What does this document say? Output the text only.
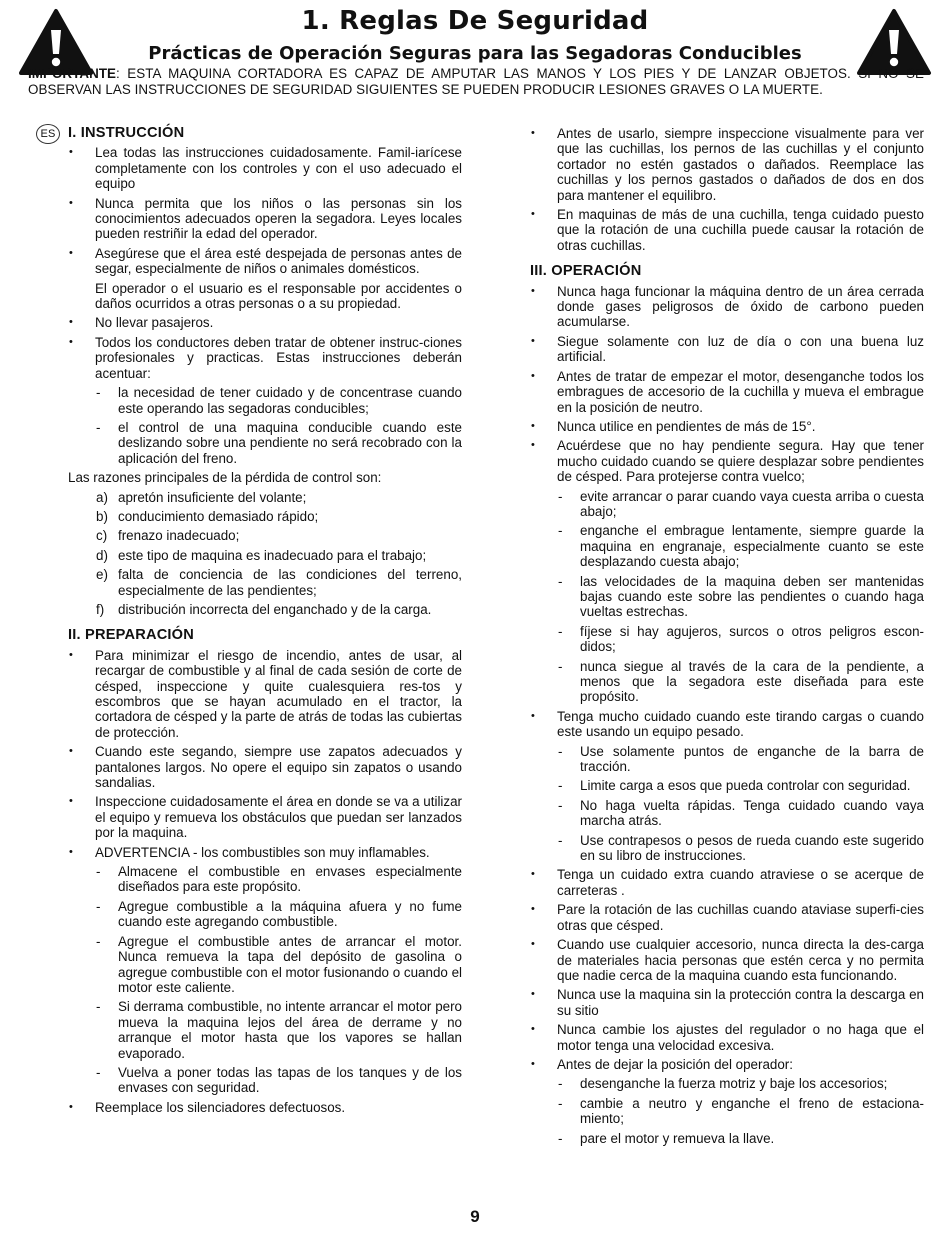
1. Reglas De Seguridad
Prácticas de Operación Seguras para las Segadoras Conducibles

IMPORTANTE: ESTA MAQUINA CORTADORA ES CAPAZ DE AMPUTAR LAS MANOS Y LOS PIES Y DE LANZAR OBJETOS. SI NO SE OBSERVAN LAS INSTRUCCIONES DE SEGURIDAD SIGUIENTES SE PUEDEN PRODUCIR LESIONES GRAVES O LA MUERTE.

ES I. INSTRUCCIÓN
• Lea todas las instrucciones cuidadosamente. Famil-iarícese completamente con los controles y con el uso adecuado el equipo
• Nunca permita que los niños o las personas sin los conocimientos adecuados operen la segadora. Leyes locales pueden restriñir la edad del operador.
• Asegúrese que el área esté despejada de personas antes de segar, especialmente de niños o animales domésticos.
El operador o el usuario es el responsable por accidentes o daños ocurridos a otras personas o a su propiedad.
• No llevar pasajeros.
• Todos los conductores deben tratar de obtener instruc-ciones profesionales y practicas. Estas instrucciones deberán acentuar:
- la necesidad de tener cuidado y de concentrase cuando este operando las segadoras conducibles;
- el control de una maquina conducible cuando este deslizando sobre una pendiente no será recobrado con la aplicación del freno.
Las razones principales de la pérdida de control son:
a) apretón insuficiente del volante;
b) conducimiento demasiado rápido;
c) frenazo inadecuado;
d) este tipo de maquina es inadecuado para el trabajo;
e) falta de conciencia de las condiciones del terreno, especialmente de las pendientes;
f) distribución incorrecta del enganchado y de la carga.
II. PREPARACIÓN
• Para minimizar el riesgo de incendio, antes de usar, al recargar de combustible y al final de cada sesión de corte de césped, inspeccione y quite cualesquiera res-tos y escombros que se hayan acumulado en el tractor, la cortadora de césped y la parte de atrás de todas las cubiertas de protección.
• Cuando este segando, siempre use zapatos adecuados y pantalones largos. No opere el equipo sin zapatos o usando sandalias.
• Inspeccione cuidadosamente el área en donde se va a utilizar el equipo y remueva los obstáculos que puedan ser lanzados por la maquina.
• ADVERTENCIA - los combustibles son muy inflamables.
- Almacene el combustible en envases especialmente diseñados para este propósito.
- Agregue combustible a la máquina afuera y no fume cuando este agregando combustible.
- Agregue el combustible antes de arrancar el motor. Nunca remueva la tapa del depósito de gasolina o agregue combustible con el motor fusionando o cuando el motor este caliente.
- Si derrama combustible, no intente arrancar el motor pero mueva la maquina lejos del área de derrame y no arranque el motor hasta que los vapores se hallan evaporado.
- Vuelva a poner todas las tapas de los tanques y de los envases con seguridad.
• Reemplace los silenciadores defectuosos.
• Antes de usarlo, siempre inspeccione visualmente para ver que las cuchillas, los pernos de las cuchillas y el conjunto cortador no estén gastados o dañados. Reemplace las cuchillas y los pernos gastados o dañados de dos en dos para mantener el equilibro.
• En maquinas de más de una cuchilla, tenga cuidado puesto que la rotación de una cuchilla puede causar la rotación de otras cuchillas.
III. OPERACIÓN
• Nunca haga funcionar la máquina dentro de un área cerrada donde gases peligrosos de óxido de carbono pueden acumularse.
• Siegue solamente con luz de día o con una buena luz artificial.
• Antes de tratar de empezar el motor, desenganche todos los embragues de accesorio de la cuchilla y mueva el embrague en la posición de neutro.
• Nunca utilice en pendientes de más de 15°.
• Acuérdese que no hay pendiente segura. Hay que tener mucho cuidado cuando se quiere desplazar sobre pendientes de césped. Para protejerse contra vuelco;
- evite arrancar o parar cuando vaya cuesta arriba o cuesta abajo;
- enganche el embrague lentamente, siempre guarde la maquina en engranaje, especialmente cuanto se este desplazando cuesta abajo;
- las velocidades de la maquina deben ser mantenidas bajas cuando este sobre las pendientes o cuando haga vueltas estrechas.
- fíjese si hay agujeros, surcos o otros peligros escon-didos;
- nunca siegue al través de la cara de la pendiente, a menos que la segadora este diseñada para este propósito.
• Tenga mucho cuidado cuando este tirando cargas o cuando este usando un equipo pesado.
- Use solamente puntos de enganche de la barra de tracción.
- Limite carga a esos que pueda controlar con seguridad.
- No haga vuelta rápidas. Tenga cuidado cuando vaya marcha atrás.
- Use contrapesos o pesos de rueda cuando este sugerido en su libro de instrucciones.
• Tenga un cuidado extra cuando atraviese o se acerque de carreteras .
• Pare la rotación de las cuchillas cuando ataviase superfi-cies otras que césped.
• Cuando use cualquier accesorio, nunca directa la des-carga de materiales hacia personas que estén cerca y no permita que nadie cerca de la maquina cuando esta funcionando.
• Nunca use la maquina sin la protección contra la descarga en su sitio
• Nunca cambie los ajustes del regulador o no haga que el motor tenga una velocidad excesiva.
• Antes de dejar la posición del operador:
- desenganche la fuerza motriz y baje los accesorios;
- cambie a neutro y enganche el freno de estaciona-miento;
- pare el motor y remueva la llave.
9
